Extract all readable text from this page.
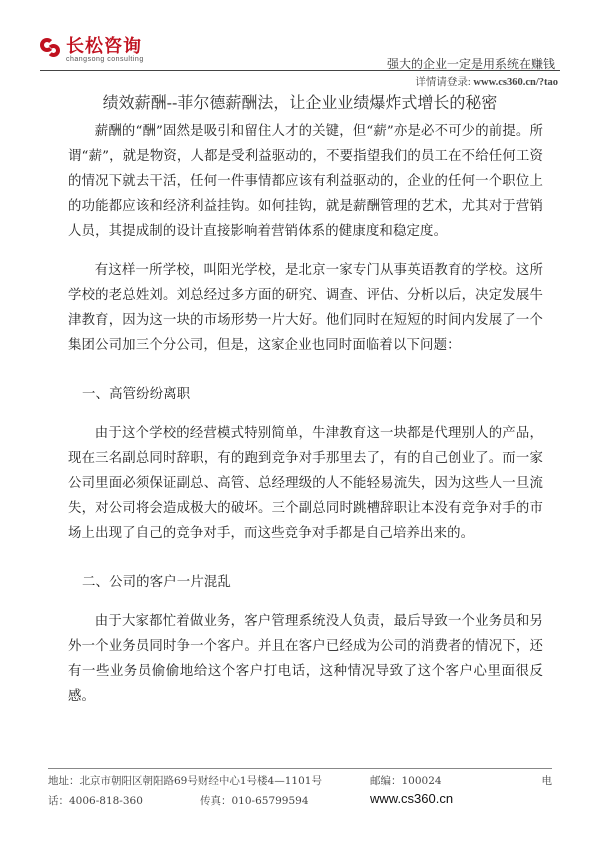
长松咨询
changsong consulting	强大的企业一定是用系统在赚钱
详情请登录: www.cs360.cn/?tao
绩效薪酬--菲尔德薪酬法，让企业业绩爆炸式增长的秘密

薪酬的“酬”固然是吸引和留住人才的关键，但“薪”亦是必不可少的前提。所谓“薪”，就是物资，人都是受利益驱动的，不要指望我们的员工在不给任何工资的情况下就去干活，任何一件事情都应该有利益驱动的，企业的任何一个职位上的功能都应该和经济利益挂钩。如何挂钩，就是薪酬管理的艺术，尤其对于营销人员，其提成制的设计直接影响着营销体系的健康度和稳定度。

有这样一所学校，叫阳光学校，是北京一家专门从事英语教育的学校。这所学校的老总姓刘。刘总经过多方面的研究、调查、评估、分析以后，决定发展牛津教育，因为这一块的市场形势一片大好。他们同时在短短的时间内发展了一个集团公司加三个分公司，但是，这家企业也同时面临着以下问题：

一、高管纷纷离职

由于这个学校的经营模式特别简单，牛津教育这一块都是代理别人的产品，现在三名副总同时辞职，有的跑到竞争对手那里去了，有的自己创业了。而一家公司里面必须保证副总、高管、总经理级的人不能轻易流失，因为这些人一旦流失，对公司将会造成极大的破坏。三个副总同时跳槽辞职让本没有竞争对手的市场上出现了自己的竞争对手，而这些竞争对手都是自己培养出来的。

二、公司的客户一片混乱

由于大家都忙着做业务，客户管理系统没人负责，最后导致一个业务员和另外一个业务员同时争一个客户。并且在客户已经成为公司的消费者的情况下，还有一些业务员偷偷地给这个客户打电话，这种情况导致了这个客户心里面很反感。

地址：北京市朝阳区朝阳路69号财经中心1号楼4—1101号	邮编：100024	电
话：4006-818-360	传真：010-65799594	www.cs360.cn
